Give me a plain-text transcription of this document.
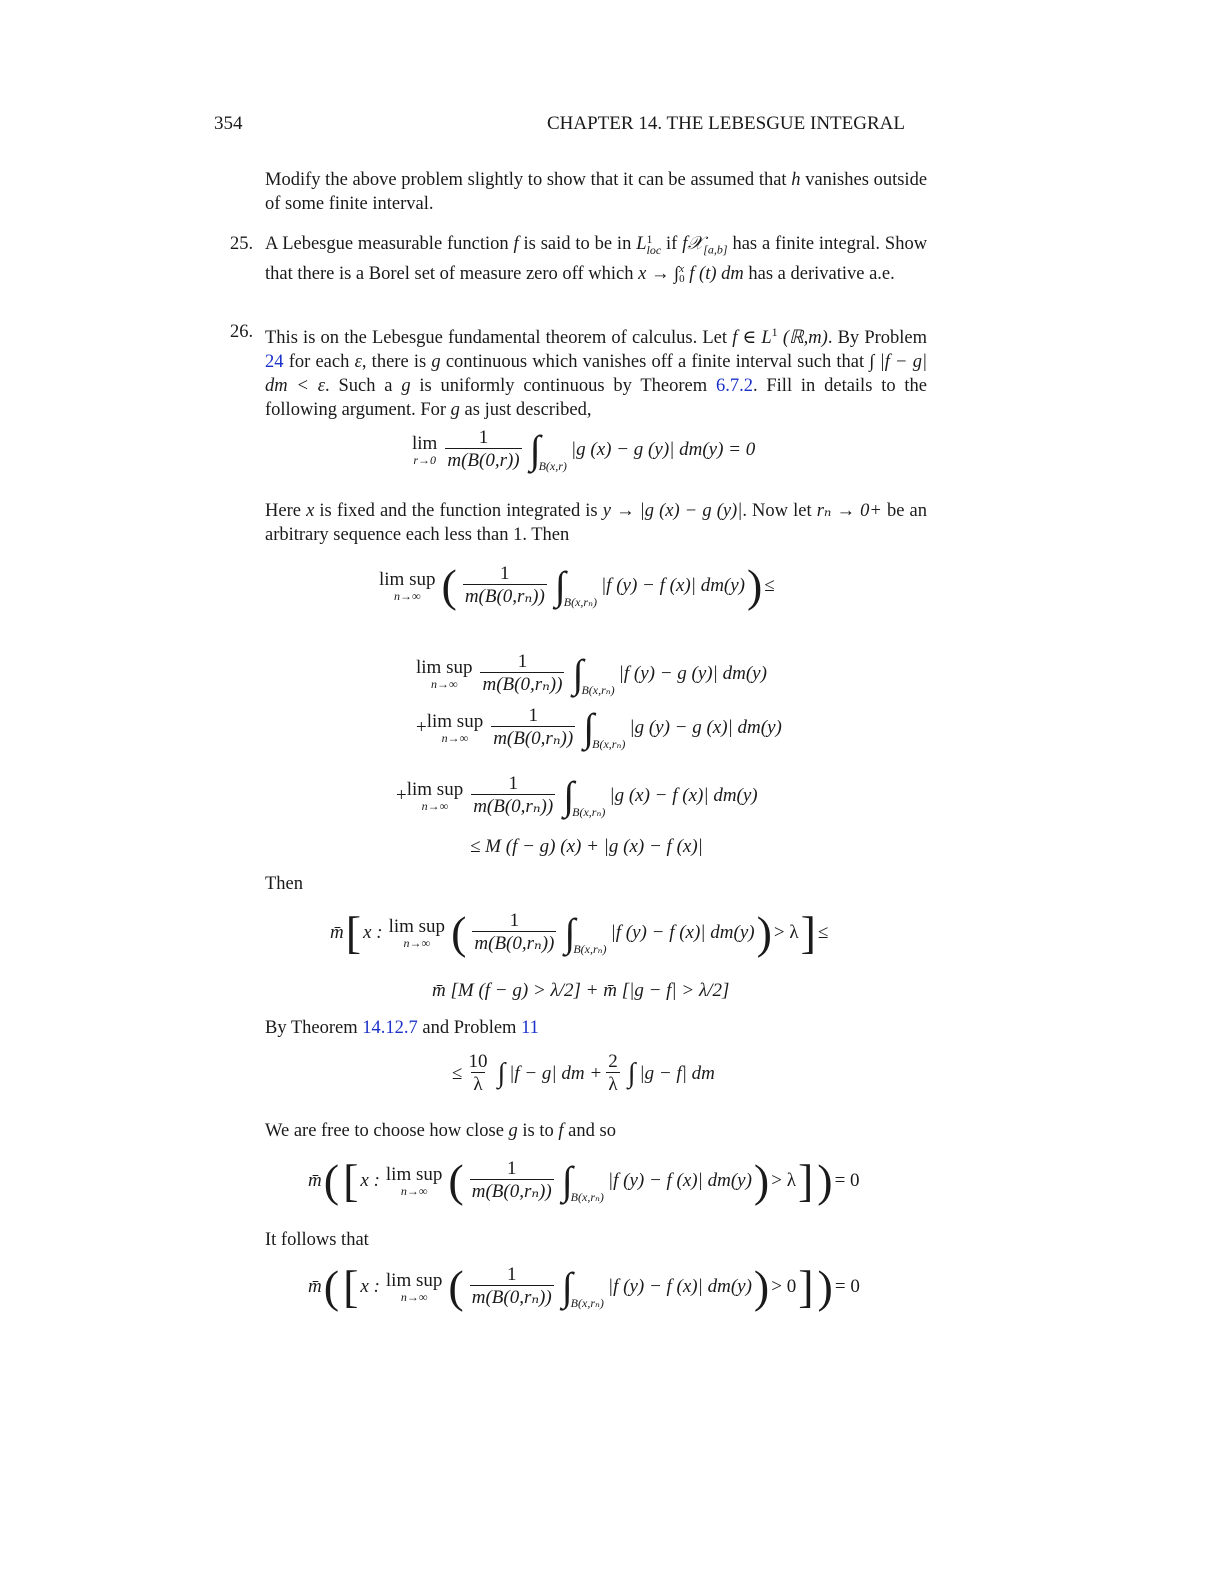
354	CHAPTER 14. THE LEBESGUE INTEGRAL
Modify the above problem slightly to show that it can be assumed that h vanishes outside of some finite interval.
25. A Lebesgue measurable function f is said to be in L 1
loc if f𝒳$_{[a,b]}$ has a finite integral. Show that there is a Borel set of measure zero off which x → ∫ x
0 f (t) dm has a derivative a.e.
26. This is on the Lebesgue fundamental theorem of calculus. Let f ∈ $L^1$ (ℝ,m). By Problem 24 for each ε, there is g continuous which vanishes off a finite interval such that ∫ |f − g| dm < ε. Such a g is uniformly continuous by Theorem 6.7.2. Fill in details to the following argument. For g as just described,
lim
$r\to 0 \frac{1}{m(B(0,r))}$ ∫
B(x,r)
|g (x) − g (y)| dm(y) = 0
Here x is fixed and the function integrated is y → |g (x) − g (y)|. Now let rₙ → 0+ be an arbitrary sequence each less than 1. Then
lim sup
n→∞ ( $\frac{1}{\text{m(B(0,rₙ))}}$ ∫
B(x,rₙ)
|f (y) − f (x)| dm(y) ) ≤
lim sup
$n\to\infty \frac{1}{\text{m(B(0,rₙ))}}$ ∫
B(x,rₙ)
|f (y) − g (y)| dm(y)
+ lim sup
$n\to\infty \frac{1}{\text{m(B(0,rₙ))}}$ ∫
B(x,rₙ)
|g (y) − g (x)| dm(y)
+ lim sup
$n\to\infty \frac{1}{\text{m(B(0,rₙ))}}$ ∫
B(x,rₙ)
|g (x) − f (x)| dm(y)
≤ M (f − g) (x) + |g (x) − f (x)|
Then
m̄ [ x : lim sup
n→∞ ( $\frac{1}{\text{m(B(0,rₙ))}}$ ∫
B(x,rₙ)
|f (y) − f (x)| dm(y) ) > λ ] ≤
m̄ [M (f − g) > λ/2] + m̄ [|g − f| > λ/2]
By Theorem 14.12.7 and Problem 11
≤ $\frac{10}{\lambda}$ ∫ |f − g| dm + $\frac{2}{\lambda}$ ∫ |g − f| dm
We are free to choose how close g is to f and so
m̄ ( [ x : lim sup
n→∞ ( $\frac{1}{\text{m(B(0,rₙ))}}$ ∫
B(x,rₙ)
|f (y) − f (x)| dm(y) ) > λ ] ) = 0
It follows that
m̄ ( [ x : lim sup
n→∞ ( $\frac{1}{\text{m(B(0,rₙ))}}$ ∫
B(x,rₙ)
|f (y) − f (x)| dm(y) ) > 0 ] ) = 0
